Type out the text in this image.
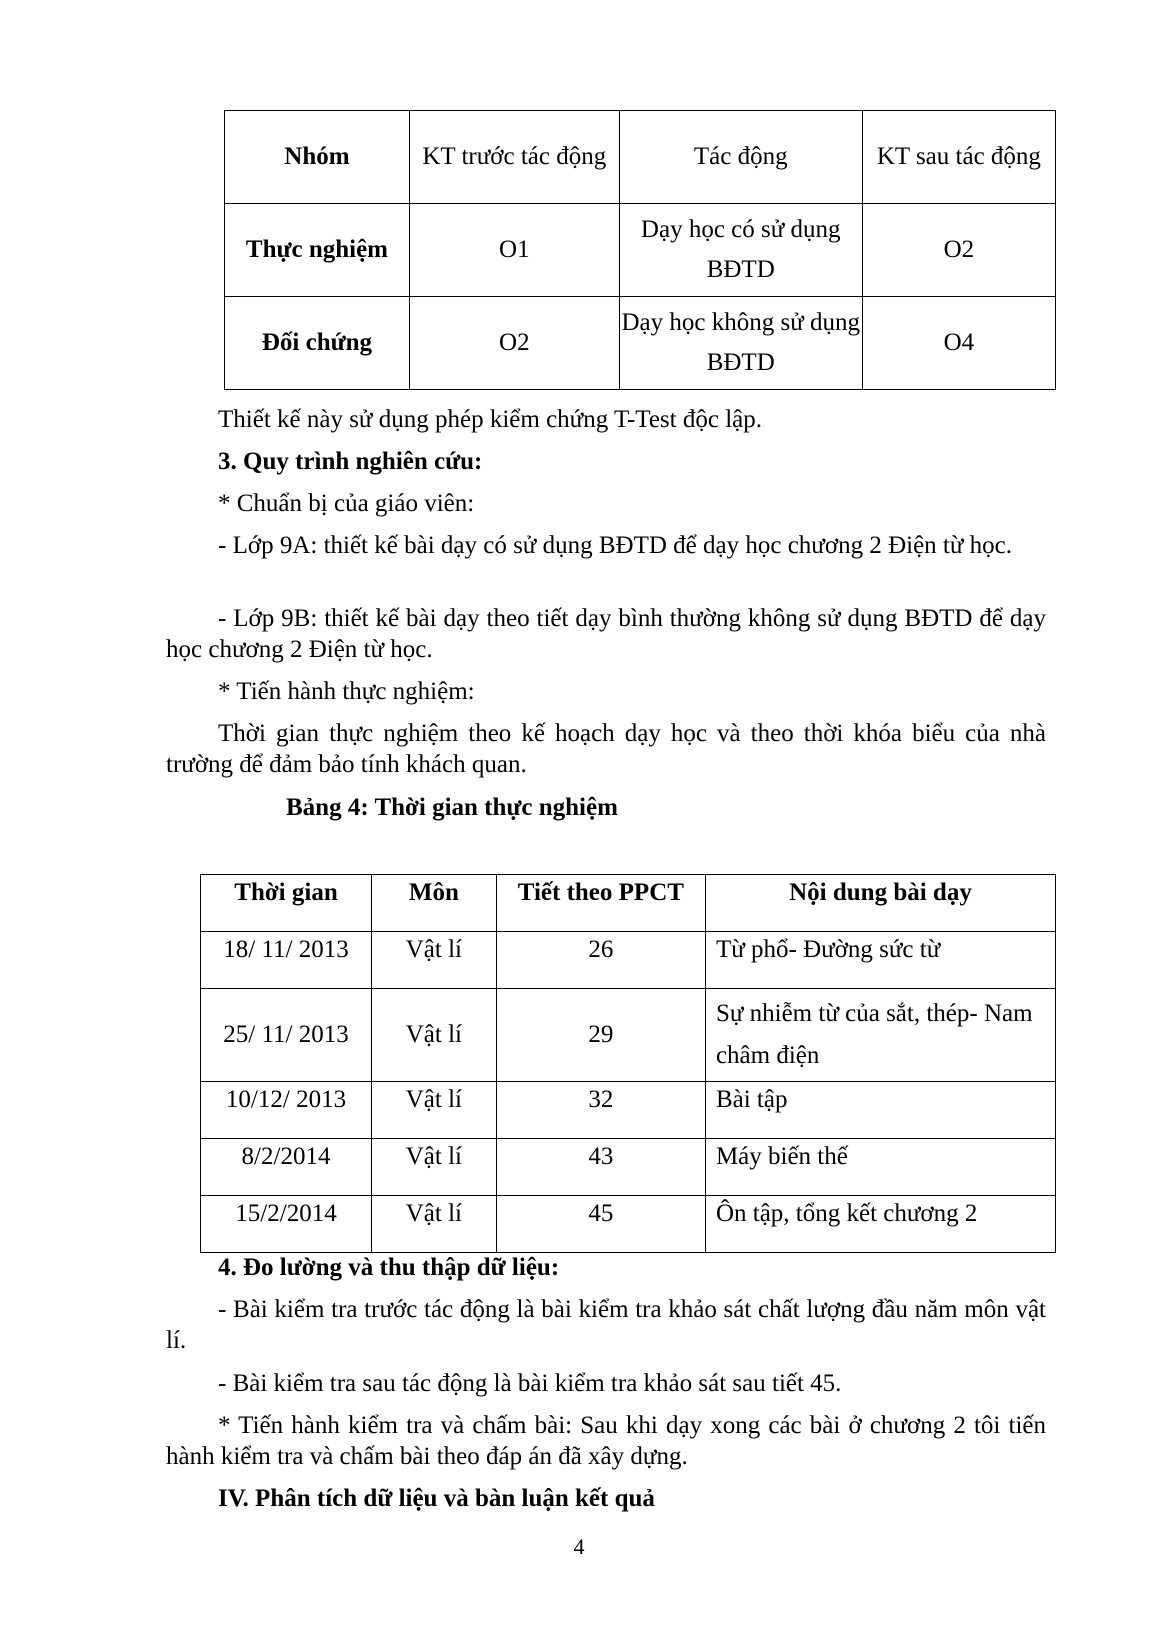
Nhóm	KT trước tác động	Tác động	KT sau tác động
Thực nghiệm	O1	Dạy học có sử dụng BĐTD	O2
Đối chứng	O2	Dạy học không sử dụng BĐTD	O4
Thiết kế này sử dụng phép kiểm chứng T-Test độc lập.
3. Quy trình nghiên cứu:
* Chuẩn bị của giáo viên:
- Lớp 9A: thiết kế bài dạy có sử dụng BĐTD để dạy học chương 2 Điện từ học.
- Lớp 9B: thiết kế bài dạy theo tiết dạy bình thường không sử dụng BĐTD để dạy học chương 2 Điện từ học.
* Tiến hành thực nghiệm:
Thời gian thực nghiệm theo kế hoạch dạy học và theo thời khóa biểu của nhà trường để đảm bảo tính khách quan.
Bảng 4: Thời gian thực nghiệm
Thời gian	Môn	Tiết theo PPCT	Nội dung bài dạy
18/ 11/ 2013	Vật lí	26	Từ phổ- Đường sức từ
25/ 11/ 2013	Vật lí	29	Sự nhiễm từ của sắt, thép- Nam châm điện
10/12/ 2013	Vật lí	32	Bài tập
8/2/2014	Vật lí	43	Máy biến thế
15/2/2014	Vật lí	45	Ôn tập, tổng kết chương 2
4. Đo lường và thu thập dữ liệu:
- Bài kiểm tra trước tác động là bài kiểm tra khảo sát chất lượng đầu năm môn vật lí.
- Bài kiểm tra sau tác động là bài kiểm tra khảo sát sau tiết 45.
* Tiến hành kiểm tra và chấm bài: Sau khi dạy xong các bài ở chương 2 tôi tiến hành kiểm tra và chấm bài theo đáp án đã xây dựng.
IV. Phân tích dữ liệu và bàn luận kết quả
4
